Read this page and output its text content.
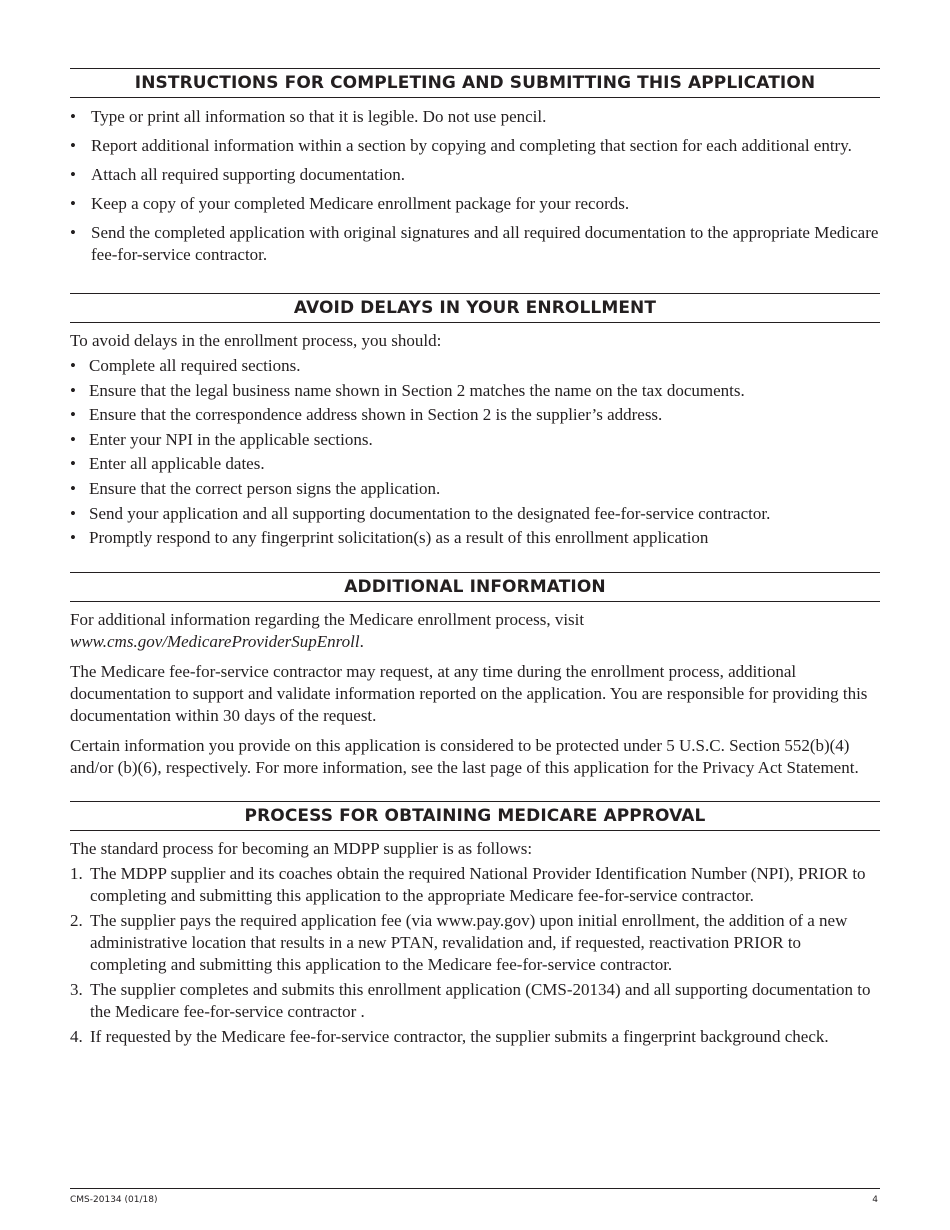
INSTRUCTIONS FOR COMPLETING AND SUBMITTING THIS APPLICATION
• Type or print all information so that it is legible. Do not use pencil.
• Report additional information within a section by copying and completing that section for each additional entry.
• Attach all required supporting documentation.
• Keep a copy of your completed Medicare enrollment package for your records.
• Send the completed application with original signatures and all required documentation to the appropriate Medicare fee-for-service contractor.
AVOID DELAYS IN YOUR ENROLLMENT

To avoid delays in the enrollment process, you should:

• Complete all required sections.
• Ensure that the legal business name shown in Section 2 matches the name on the tax documents.
• Ensure that the correspondence address shown in Section 2 is the supplier’s address.
• Enter your NPI in the applicable sections.
• Enter all applicable dates.
• Ensure that the correct person signs the application.
• Send your application and all supporting documentation to the designated fee-for-service contractor.
• Promptly respond to any fingerprint solicitation(s) as a result of this enrollment application
ADDITIONAL INFORMATION

For additional information regarding the Medicare enrollment process, visit
www.cms.gov/MedicareProviderSupEnroll.

The Medicare fee-for-service contractor may request, at any time during the enrollment process, additional documentation to support and validate information reported on the application. You are responsible for providing this documentation within 30 days of the request.

Certain information you provide on this application is considered to be protected under 5 U.S.C. Section 552(b)(4) and/or (b)(6), respectively. For more information, see the last page of this application for the Privacy Act Statement.

PROCESS FOR OBTAINING MEDICARE APPROVAL

The standard process for becoming an MDPP supplier is as follows:

1. The MDPP supplier and its coaches obtain the required National Provider Identification Number (NPI), PRIOR to completing and submitting this application to the appropriate Medicare fee-for-service contractor.
2. The supplier pays the required application fee (via www.pay.gov) upon initial enrollment, the addition of a new administrative location that results in a new PTAN, revalidation and, if requested, reactivation PRIOR to completing and submitting this application to the Medicare fee-for-service contractor.
3. The supplier completes and submits this enrollment application (CMS-20134) and all supporting documentation to the Medicare fee-for-service contractor .
4. If requested by the Medicare fee-for-service contractor, the supplier submits a fingerprint background check.
CMS-20134 (01/18)	4
